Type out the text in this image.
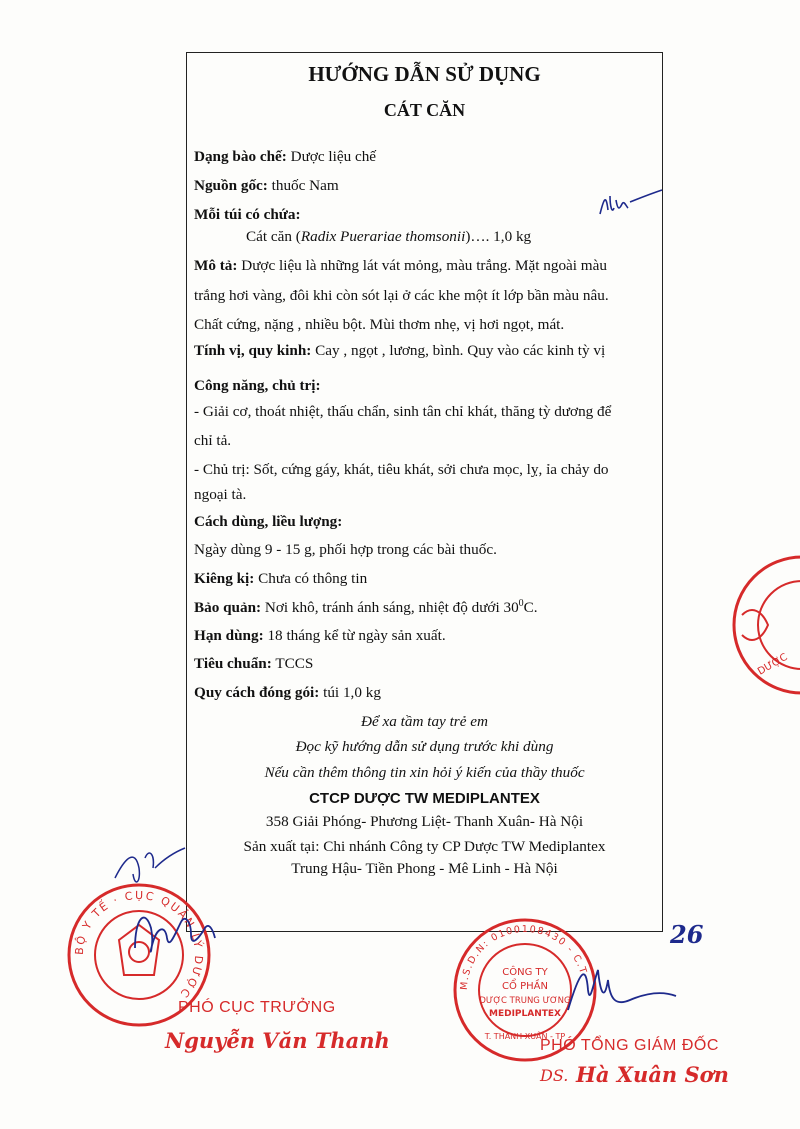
HƯỚNG DẪN SỬ DỤNG
CÁT CĂN
Dạng bào chế: Dược liệu chế
Nguồn gốc: thuốc Nam
Mỗi túi có chứa:
Cát căn (Radix Puerariae thomsonii)…. 1,0 kg
Mô tả: Dược liệu là những lát vát mỏng, màu trắng. Mặt ngoài màu
trắng hơi vàng, đôi khi còn sót lại ở các khe một ít lớp bần màu nâu.
Chất cứng, nặng , nhiều bột. Mùi thơm nhẹ, vị hơi ngọt, mát.
Tính vị, quy kinh: Cay , ngọt , lương, bình. Quy vào các kinh tỳ vị
Công năng, chủ trị:
- Giải cơ, thoát nhiệt, thấu chẩn, sinh tân chỉ khát, thăng tỳ dương để
chỉ tả.
- Chủ trị: Sốt, cứng gáy, khát, tiêu khát, sởi chưa mọc, lỵ, ỉa chảy do
ngoại tà.
Cách dùng, liều lượng:
Ngày dùng 9 - 15 g, phối hợp trong các bài thuốc.
Kiêng kị: Chưa có thông tin
Bảo quản: Nơi khô, tránh ánh sáng, nhiệt độ dưới $30^0C$.
Hạn dùng: 18 tháng kể từ ngày sản xuất.
Tiêu chuẩn: TCCS
Quy cách đóng gói: túi 1,0 kg
Để xa tầm tay trẻ em
Đọc kỹ hướng dẫn sử dụng trước khi dùng
Nếu cần thêm thông tin xin hỏi ý kiến của thầy thuốc
CTCP DƯỢC TW MEDIPLANTEX
358 Giải Phóng- Phương Liệt- Thanh Xuân- Hà Nội
Sản xuất tại: Chi nhánh Công ty CP Dược TW Mediplantex
Trung Hậu- Tiền Phong - Mê Linh - Hà Nội
26
BỘ Y TẾ · CỤC QUẢN LÝ DƯỢC
M.S.D.N: 0100108430 - C.T
T. THANH XUÂN - TP
CÔNG TY
CỔ PHẦN
DƯỢC TRUNG ƯƠNG
MEDIPLANTEX
DƯỢC
PHÓ CỤC TRƯỞNG
Nguyễn Văn Thanh	PHÓ TỔNG GIÁM ĐỐC
DS. Hà Xuân Sơn
